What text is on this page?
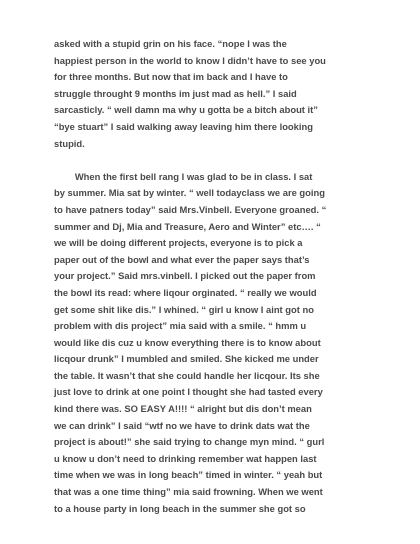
asked with a stupid grin on his face. “nope I was the
happiest person in the world to know I didn’t have to see you
for three months. But now that im back and I have to
struggle throught 9 months im just mad as hell.” I said
sarcasticly. “ well damn ma why u gotta be a bitch about it”
“bye stuart” I said walking away leaving him there looking
stupid.

When the first bell rang I was glad to be in class. I sat
by summer. Mia sat by winter. “ well todayclass we are going
to have patners today” said Mrs.Vinbell. Everyone groaned. “
summer and Dj, Mia and Treasure, Aero and Winter” etc…. “
we will be doing different projects, everyone is to pick a
paper out of the bowl and what ever the paper says that’s
your project.” Said mrs.vinbell. I picked out the paper from
the bowl its read: where liqour orginated. “ really we would
get some shit like dis.” I whined. “ girl u know I aint got no
problem with dis project” mia said with a smile. “ hmm u
would like dis cuz u know everything there is to know about
licqour drunk” I mumbled and smiled. She kicked me under
the table. It wasn’t that she could handle her licqour. Its she
just love to drink at one point I thought she had tasted every
kind there was. SO EASY A!!!! “ alright but dis don’t mean
we can drink” I said “wtf no we have to drink dats wat the
project is about!” she said trying to change myn mind. “ gurl
u know u don’t need to drinking remember wat happen last
time when we was in long beach” timed in winter. “ yeah but
that was a one time thing” mia said frowning. When we went
to a house party in long beach in the summer she got so
